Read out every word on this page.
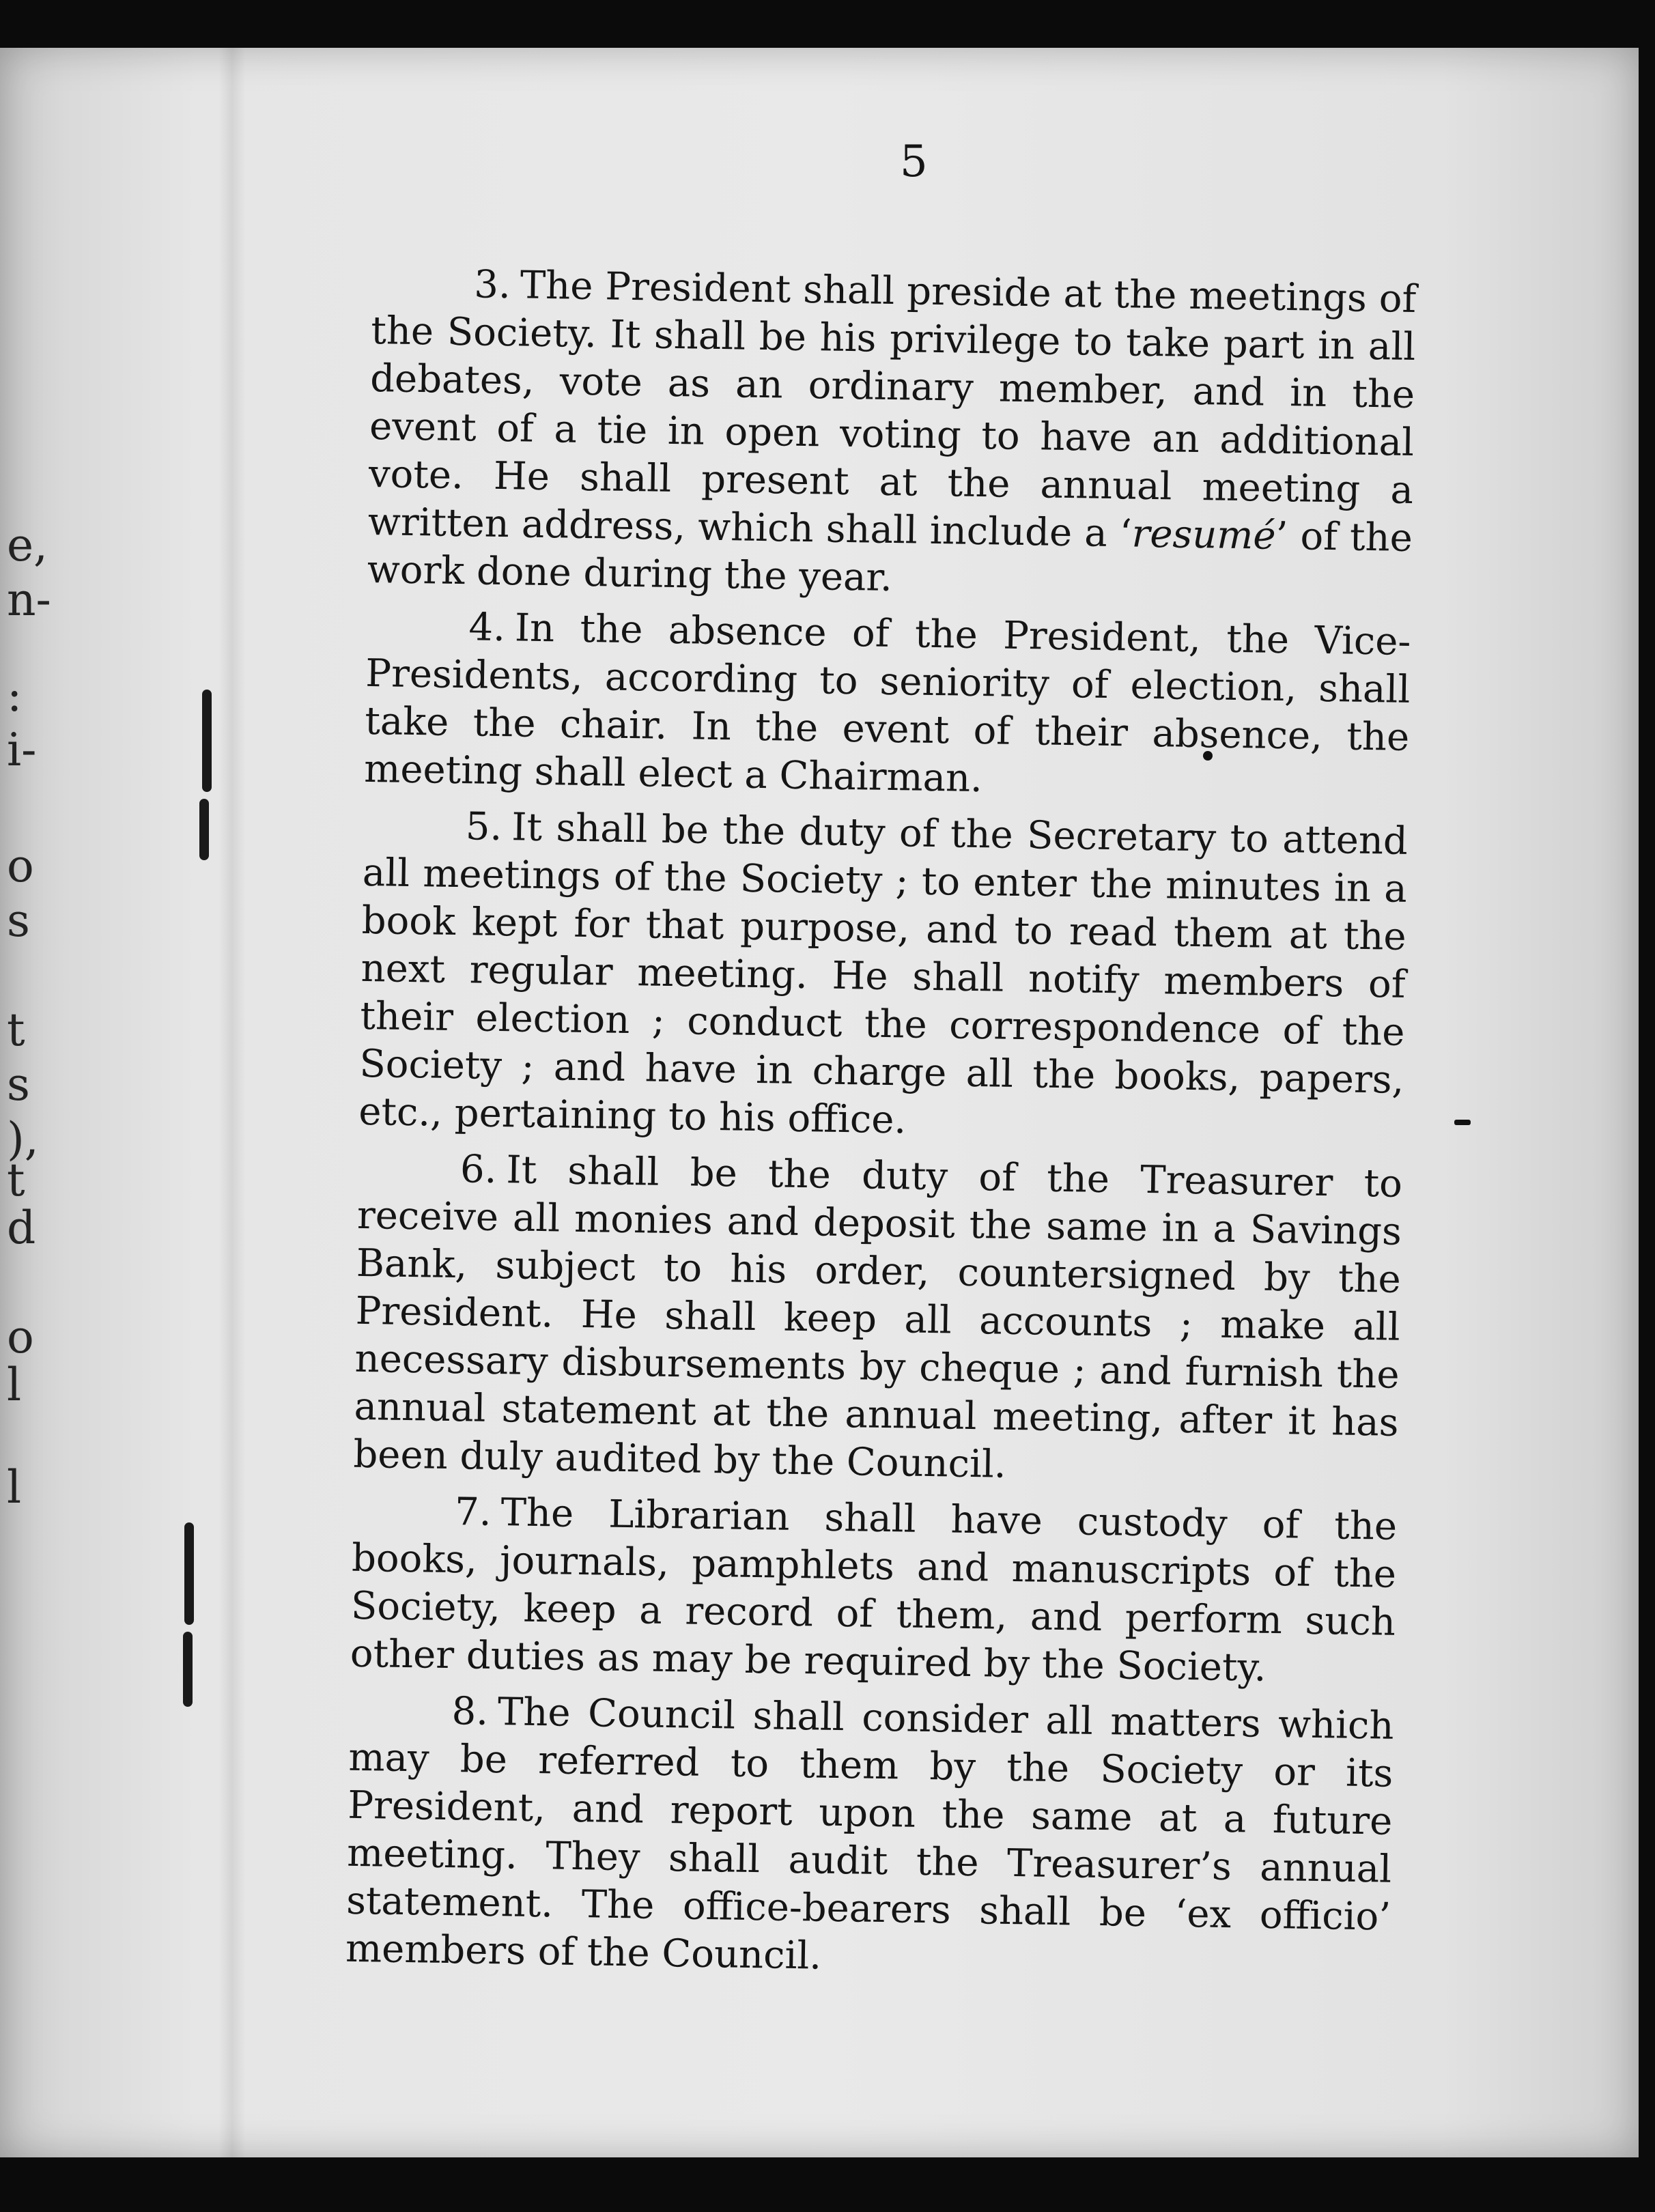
e,
n-
:
i-
o
s
t
s
),
t
d
o
l
l
5

3. The President shall preside at the meetings of the Society. It shall be his privilege to take part in all debates, vote as an ordinary member, and in the event of a tie in open voting to have an additional vote. He shall present at the annual meeting a written address, which shall include a ‘resumé’ of the work done during the year.

4. In the absence of the President, the Vice-Presidents, according to seniority of election, shall take the chair. In the event of their absence, the meeting shall elect a Chairman.

5. It shall be the duty of the Secretary to attend all meetings of the Society ; to enter the minutes in a book kept for that purpose, and to read them at the next regular meeting. He shall notify members of their election ; conduct the correspondence of the Society ; and have in charge all the books, papers, etc., pertaining to his office.

6. It shall be the duty of the Treasurer to receive all monies and deposit the same in a Savings Bank, subject to his order, countersigned by the President. He shall keep all accounts ; make all necessary disbursements by cheque ; and furnish the annual statement at the annual meeting, after it has been duly audited by the Council.

7. The Librarian shall have custody of the books, journals, pamphlets and manuscripts of the Society, keep a record of them, and perform such other duties as may be required by the Society.

8. The Council shall consider all matters which may be referred to them by the Society or its President, and report upon the same at a future meeting. They shall audit the Treasurer’s annual statement. The office-bearers shall be ‘ex officio’ members of the Council.
